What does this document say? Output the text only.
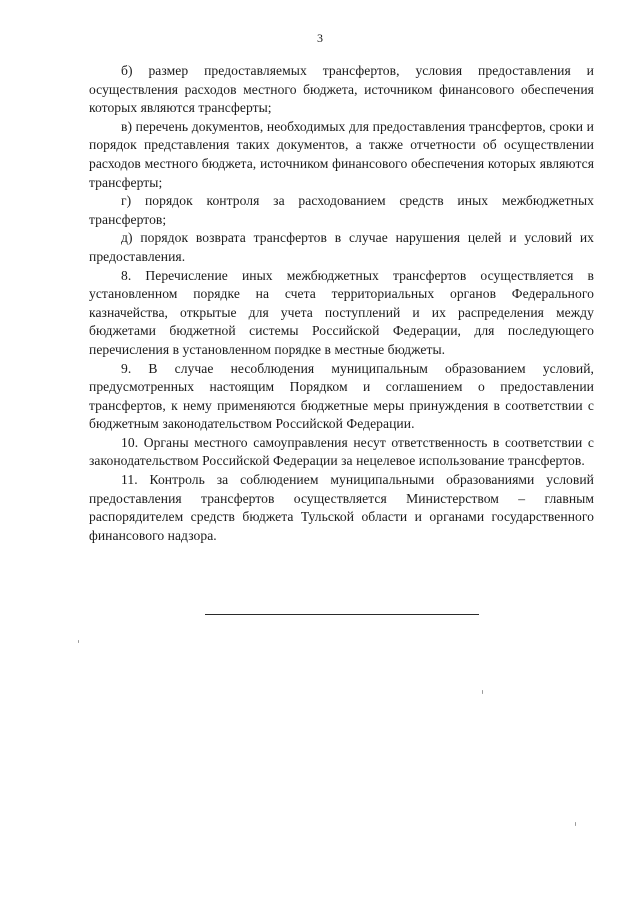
3

б) размер предоставляемых трансфертов, условия предоставления и осуществления расходов местного бюджета, источником финансового обеспечения которых являются трансферты;

в) перечень документов, необходимых для предоставления трансфертов, сроки и порядок представления таких документов, а также отчетности об осуществлении расходов местного бюджета, источником финансового обеспечения которых являются трансферты;

г) порядок контроля за расходованием средств иных межбюджетных трансфертов;

д) порядок возврата трансфертов в случае нарушения целей и условий их предоставления.

8. Перечисление иных межбюджетных трансфертов осуществляется в установленном порядке на счета территориальных органов Федерального казначейства, открытые для учета поступлений и их распределения между бюджетами бюджетной системы Российской Федерации, для последующего перечисления в установленном порядке в местные бюджеты.

9. В случае несоблюдения муниципальным образованием условий, предусмотренных настоящим Порядком и соглашением о предоставлении трансфертов, к нему применяются бюджетные меры принуждения в соответствии с бюджетным законодательством Российской Федерации.

10. Органы местного самоуправления несут ответственность в соответствии с законодательством Российской Федерации за нецелевое использование трансфертов.

11. Контроль за соблюдением муниципальными образованиями условий предоставления трансфертов осуществляется Министерством – главным распорядителем средств бюджета Тульской области и органами государственного финансового надзора.
